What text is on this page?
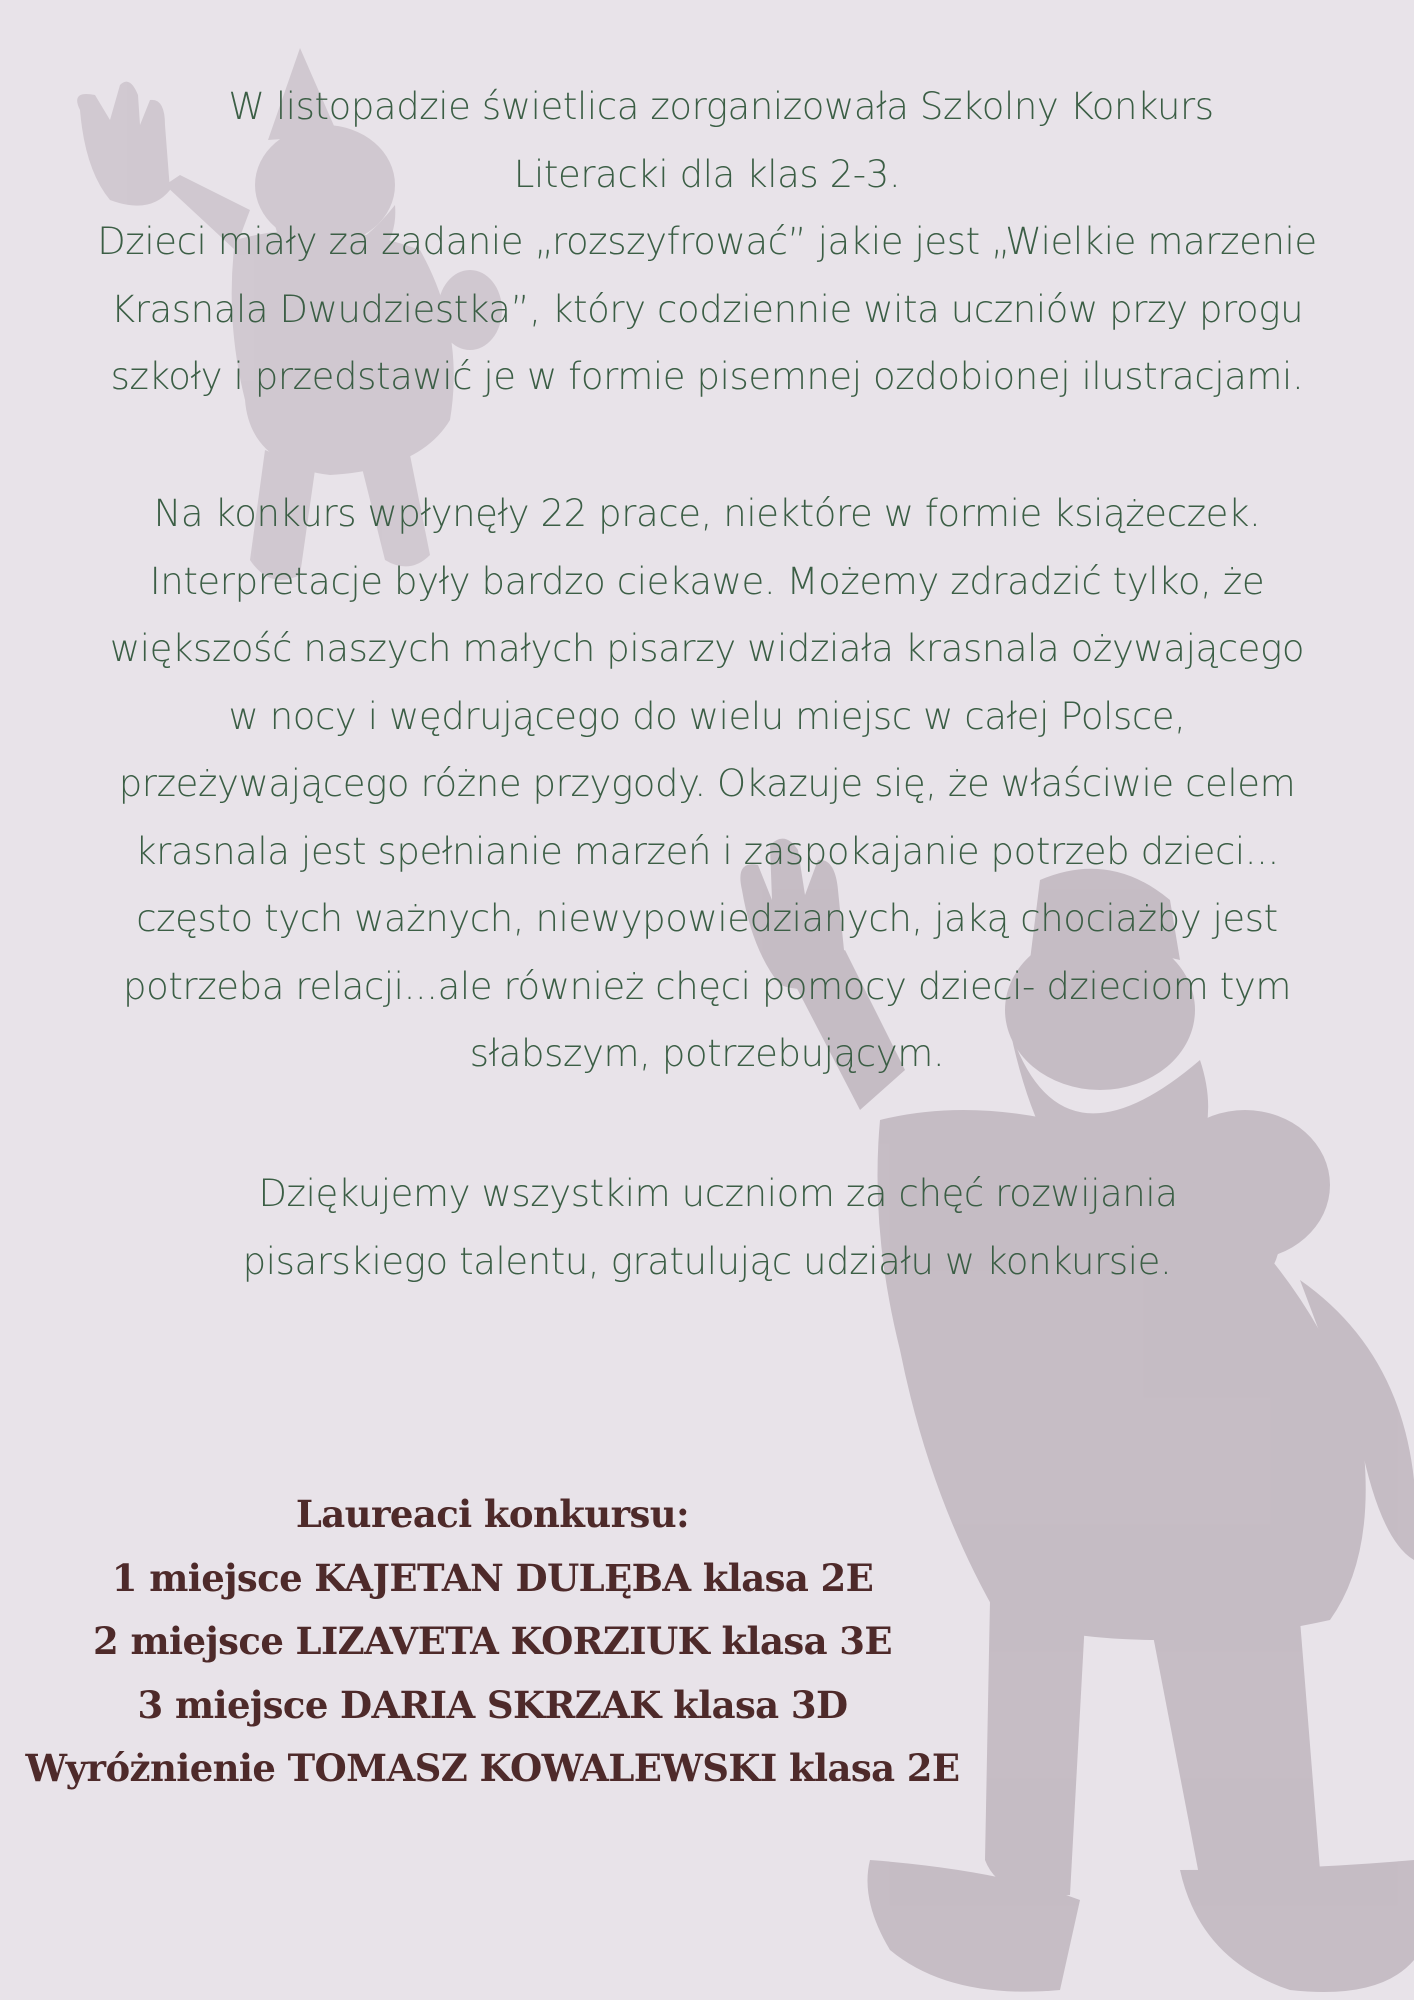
W listopadzie świetlica zorganizowała Szkolny Konkurs
Literacki dla klas 2-3.
Dzieci miały za zadanie „rozszyfrować” jakie jest „Wielkie marzenie
Krasnala Dwudziestka”, który codziennie wita uczniów przy progu
szkoły i przedstawić je w formie pisemnej ozdobionej ilustracjami.
Na konkurs wpłynęły 22 prace, niektóre w formie książeczek.
Interpretacje były bardzo ciekawe. Możemy zdradzić tylko, że
większość naszych małych pisarzy widziała krasnala ożywającego
w nocy i wędrującego do wielu miejsc w całej Polsce,
przeżywającego różne przygody. Okazuje się, że właściwie celem
krasnala jest spełnianie marzeń i zaspokajanie potrzeb dzieci...
często tych ważnych, niewypowiedzianych, jaką chociażby jest
potrzeba relacji...ale również chęci pomocy dzieci- dzieciom tym
słabszym, potrzebującym.
Dziękujemy wszystkim uczniom za chęć rozwijania
pisarskiego talentu, gratulując udziału w konkursie.
Laureaci konkursu:
1 miejsce KAJETAN DULĘBA klasa 2E
2 miejsce LIZAVETA KORZIUK klasa 3E
3 miejsce DARIA SKRZAK klasa 3D
Wyróżnienie TOMASZ KOWALEWSKI klasa 2E
